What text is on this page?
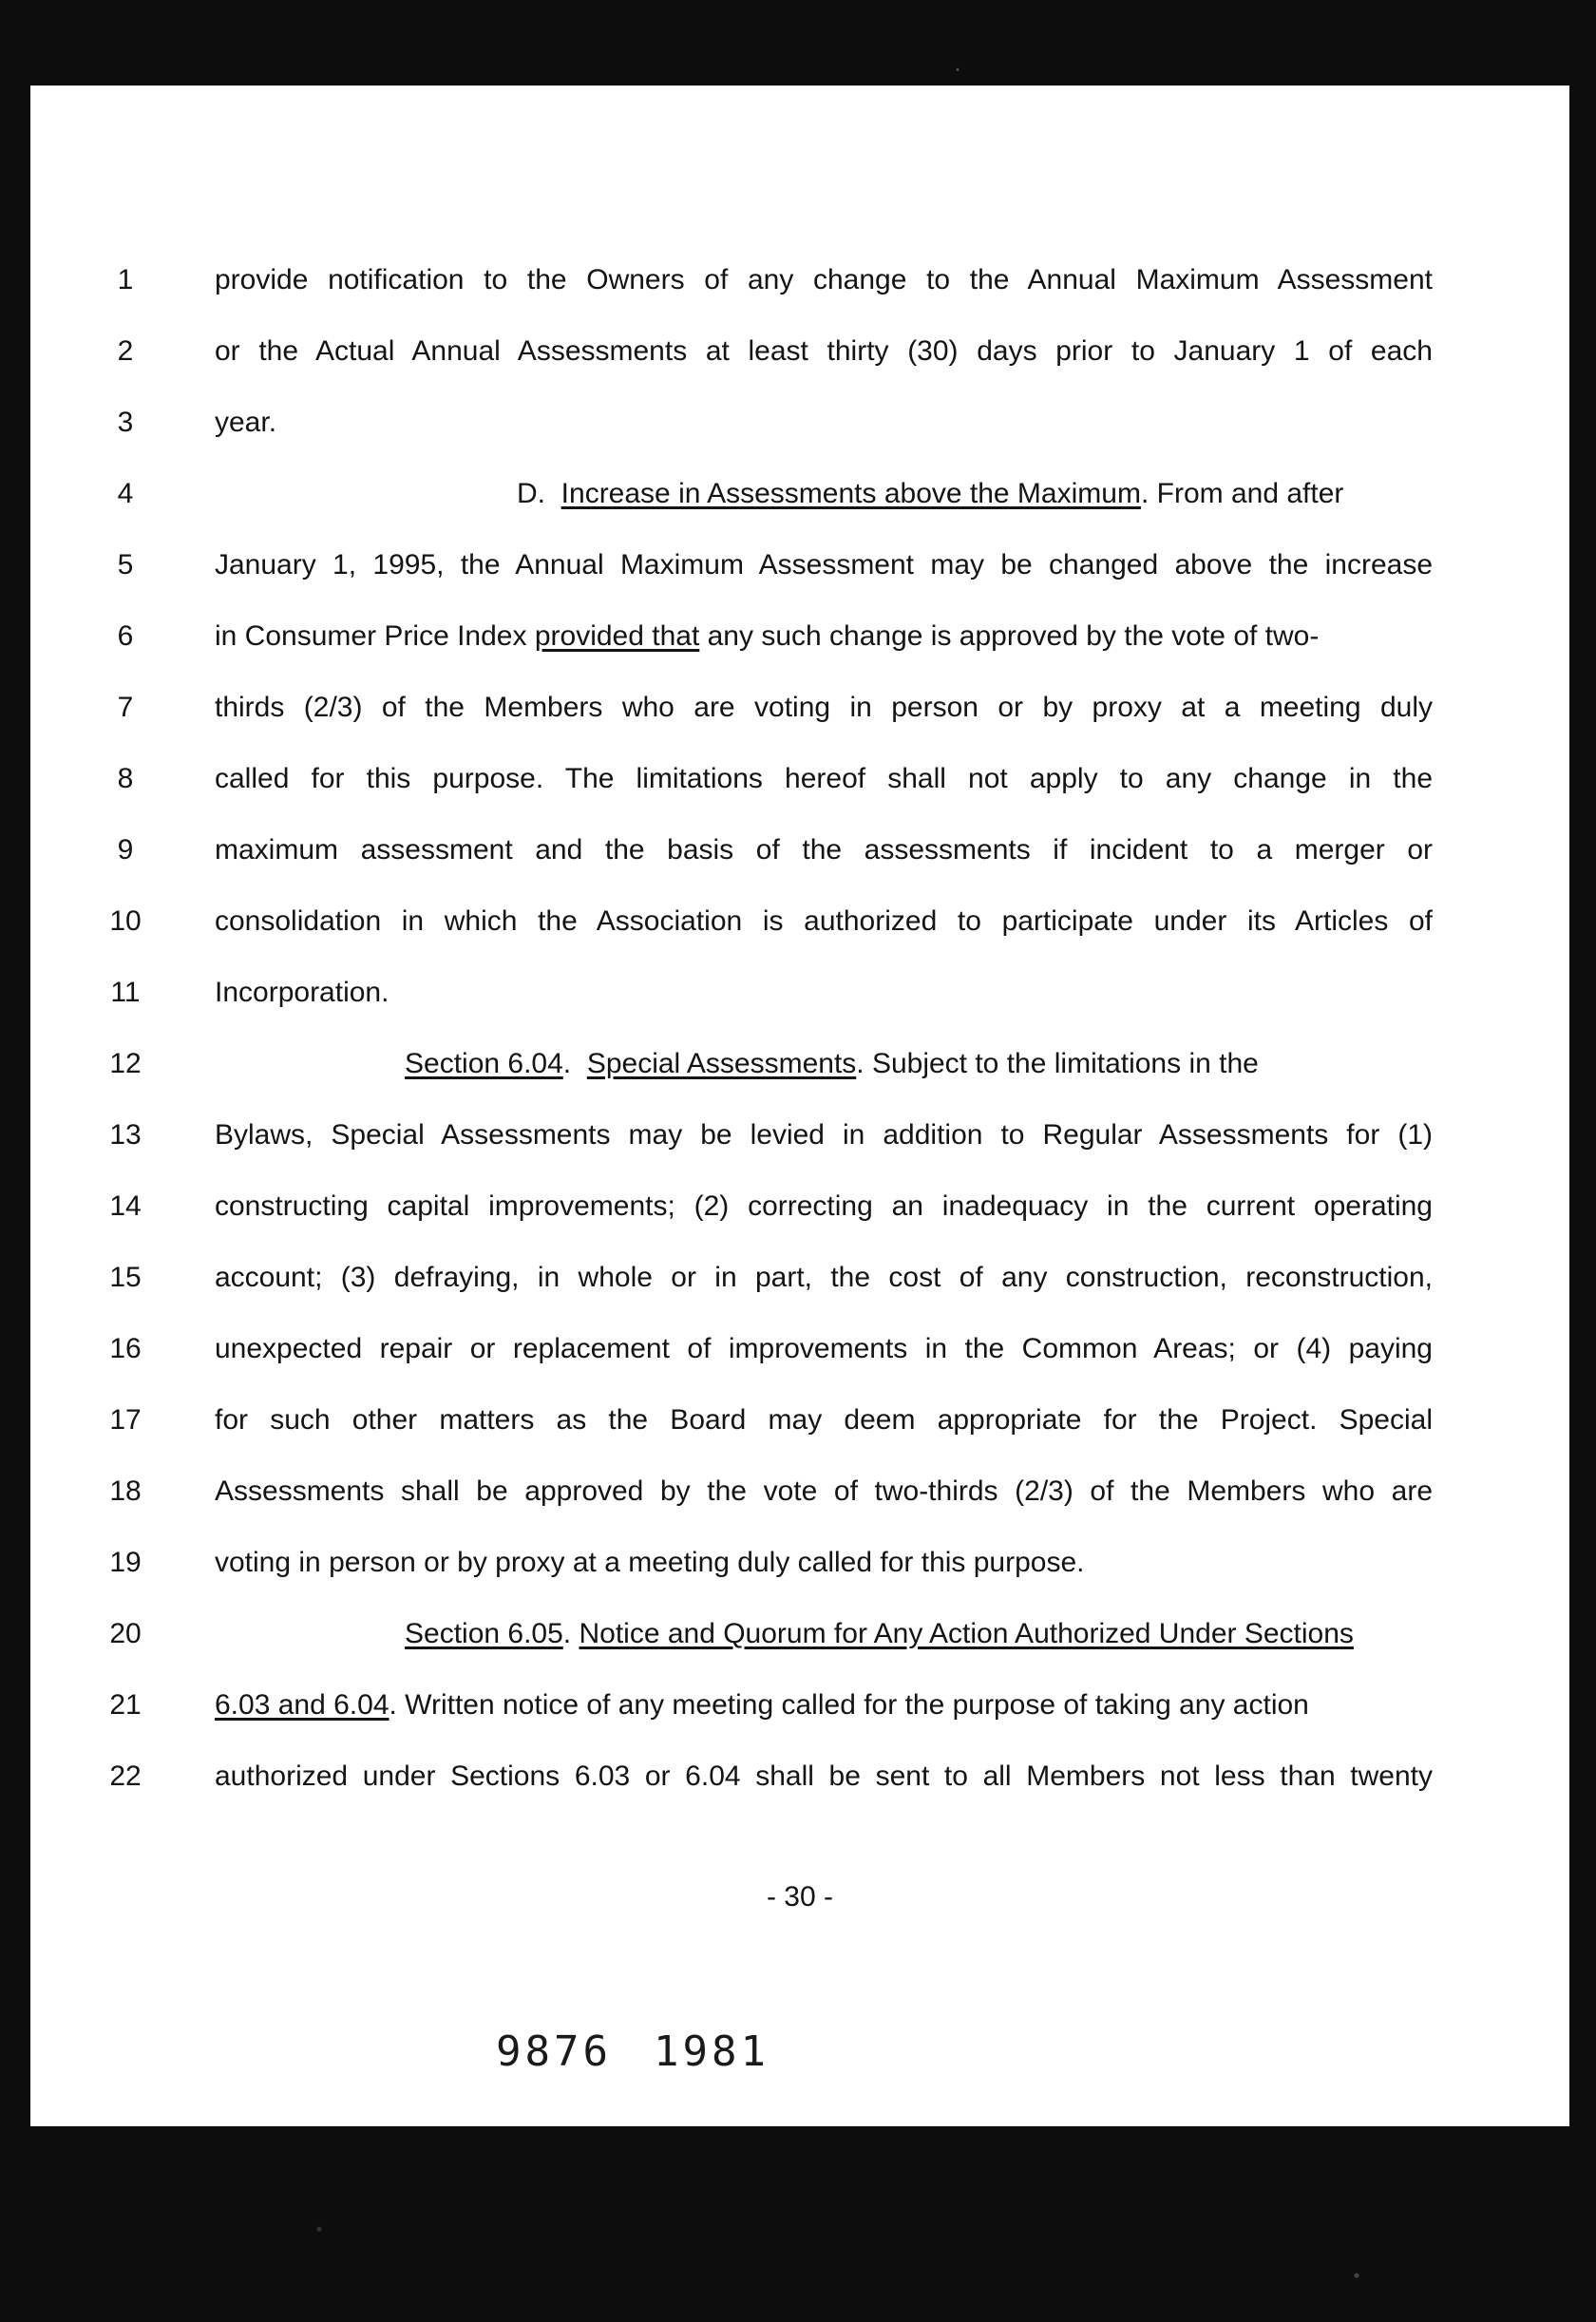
1	provide notification to the Owners of any change to the Annual Maximum Assessment
2	or the Actual Annual Assessments at least thirty (30) days prior to January 1 of each
3	year.
4	D. Increase in Assessments above the Maximum. From and after
5	January 1, 1995, the Annual Maximum Assessment may be changed above the increase
6	in Consumer Price Index provided that any such change is approved by the vote of two-
7	thirds (2/3) of the Members who are voting in person or by proxy at a meeting duly
8	called for this purpose. The limitations hereof shall not apply to any change in the
9	maximum assessment and the basis of the assessments if incident to a merger or
10	consolidation in which the Association is authorized to participate under its Articles of
11	Incorporation.
12	Section 6.04.  Special Assessments. Subject to the limitations in the
13	Bylaws, Special Assessments may be levied in addition to Regular Assessments for (1)
14	constructing capital improvements; (2) correcting an inadequacy in the current operating
15	account; (3) defraying, in whole or in part, the cost of any construction, reconstruction,
16	unexpected repair or replacement of improvements in the Common Areas; or (4) paying
17	for such other matters as the Board may deem appropriate for the Project. Special
18	Assessments shall be approved by the vote of two-thirds (2/3) of the Members who are
19	voting in person or by proxy at a meeting duly called for this purpose.
20	Section 6.05. Notice and Quorum for Any Action Authorized Under Sections
21	6.03 and 6.04. Written notice of any meeting called for the purpose of taking any action
22	authorized under Sections 6.03 or 6.04 shall be sent to all Members not less than twenty
- 30 -
9876 1981
